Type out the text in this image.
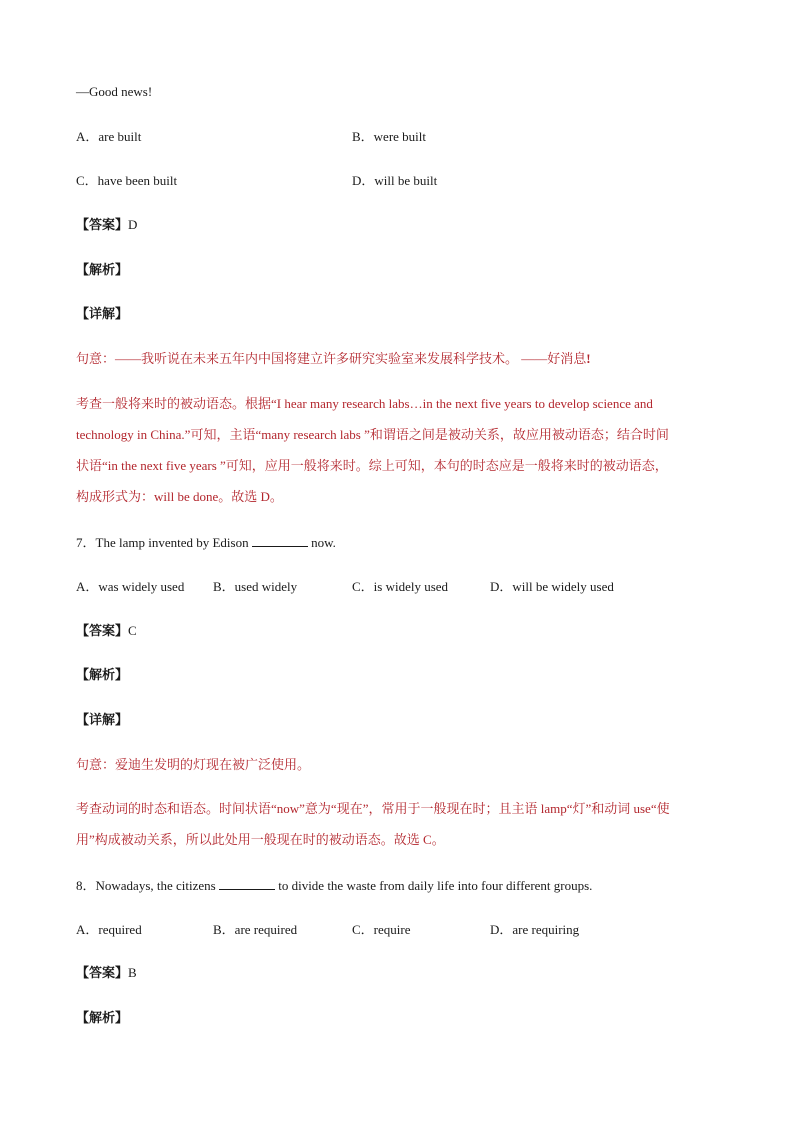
—Good news!
A．are built	B．were built
C．have been built	D．will be built
【答案】D
【解析】
【详解】
句意：——我听说在未来五年内中国将建立许多研究实验室来发展科学技术。 ——好消息!
考查一般将来时的被动语态。根据“I hear many research labs…in the next five years to develop science and
technology in China.”可知，主语“many research labs ”和谓语之间是被动关系，故应用被动语态；结合时间
状语“in the next five years ”可知，应用一般将来时。综上可知，本句的时态应是一般将来时的被动语态，
构成形式为：will be done。故选 D。
7．The lamp invented by Edison	now.
A．was widely used B．used widely	C．is widely used	D．will be widely used
【答案】C
【解析】
【详解】
句意：爱迪生发明的灯现在被广泛使用。
考查动词的时态和语态。时间状语“now”意为“现在”，常用于一般现在时；且主语 lamp“灯”和动词 use“使
用”构成被动关系，所以此处用一般现在时的被动语态。故选 C。
8．Nowadays, the citizens	to divide the waste from daily life into four different groups.
A．required	B．are required	C．require	D．are requiring
【答案】B
【解析】
